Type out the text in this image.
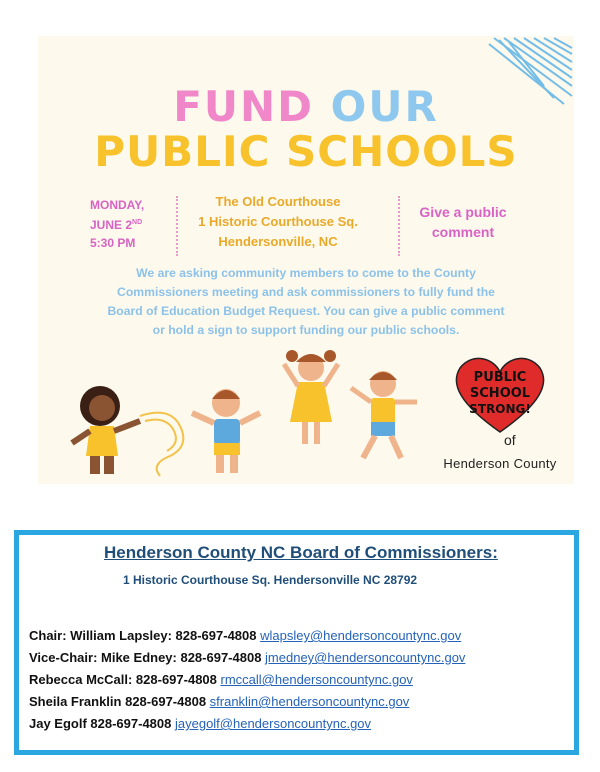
FUND OUR
PUBLIC SCHOOLS
MONDAY,
JUNE 2ND
5:30 PM
The Old Courthouse
1 Historic Courthouse Sq.
Hendersonville, NC
Give a public
comment
We are asking community members to come to the County
Commissioners meeting and ask commissioners to fully fund the
Board of Education Budget Request. You can give a public comment
or hold a sign to support funding our public schools.
PUBLIC
SCHOOL
STRONG!
of
Henderson County
Henderson County NC Board of Commissioners:
1 Historic Courthouse Sq. Hendersonville NC 28792
Chair: William Lapsley: 828-697-4808 wlapsley@hendersoncountync.gov
Vice-Chair: Mike Edney: 828-697-4808 jmedney@hendersoncountync.gov
Rebecca McCall: 828-697-4808 rmccall@hendersoncountync.gov
Sheila Franklin 828-697-4808 sfranklin@hendersoncountync.gov
Jay Egolf 828-697-4808 jayegolf@hendersoncountync.gov
